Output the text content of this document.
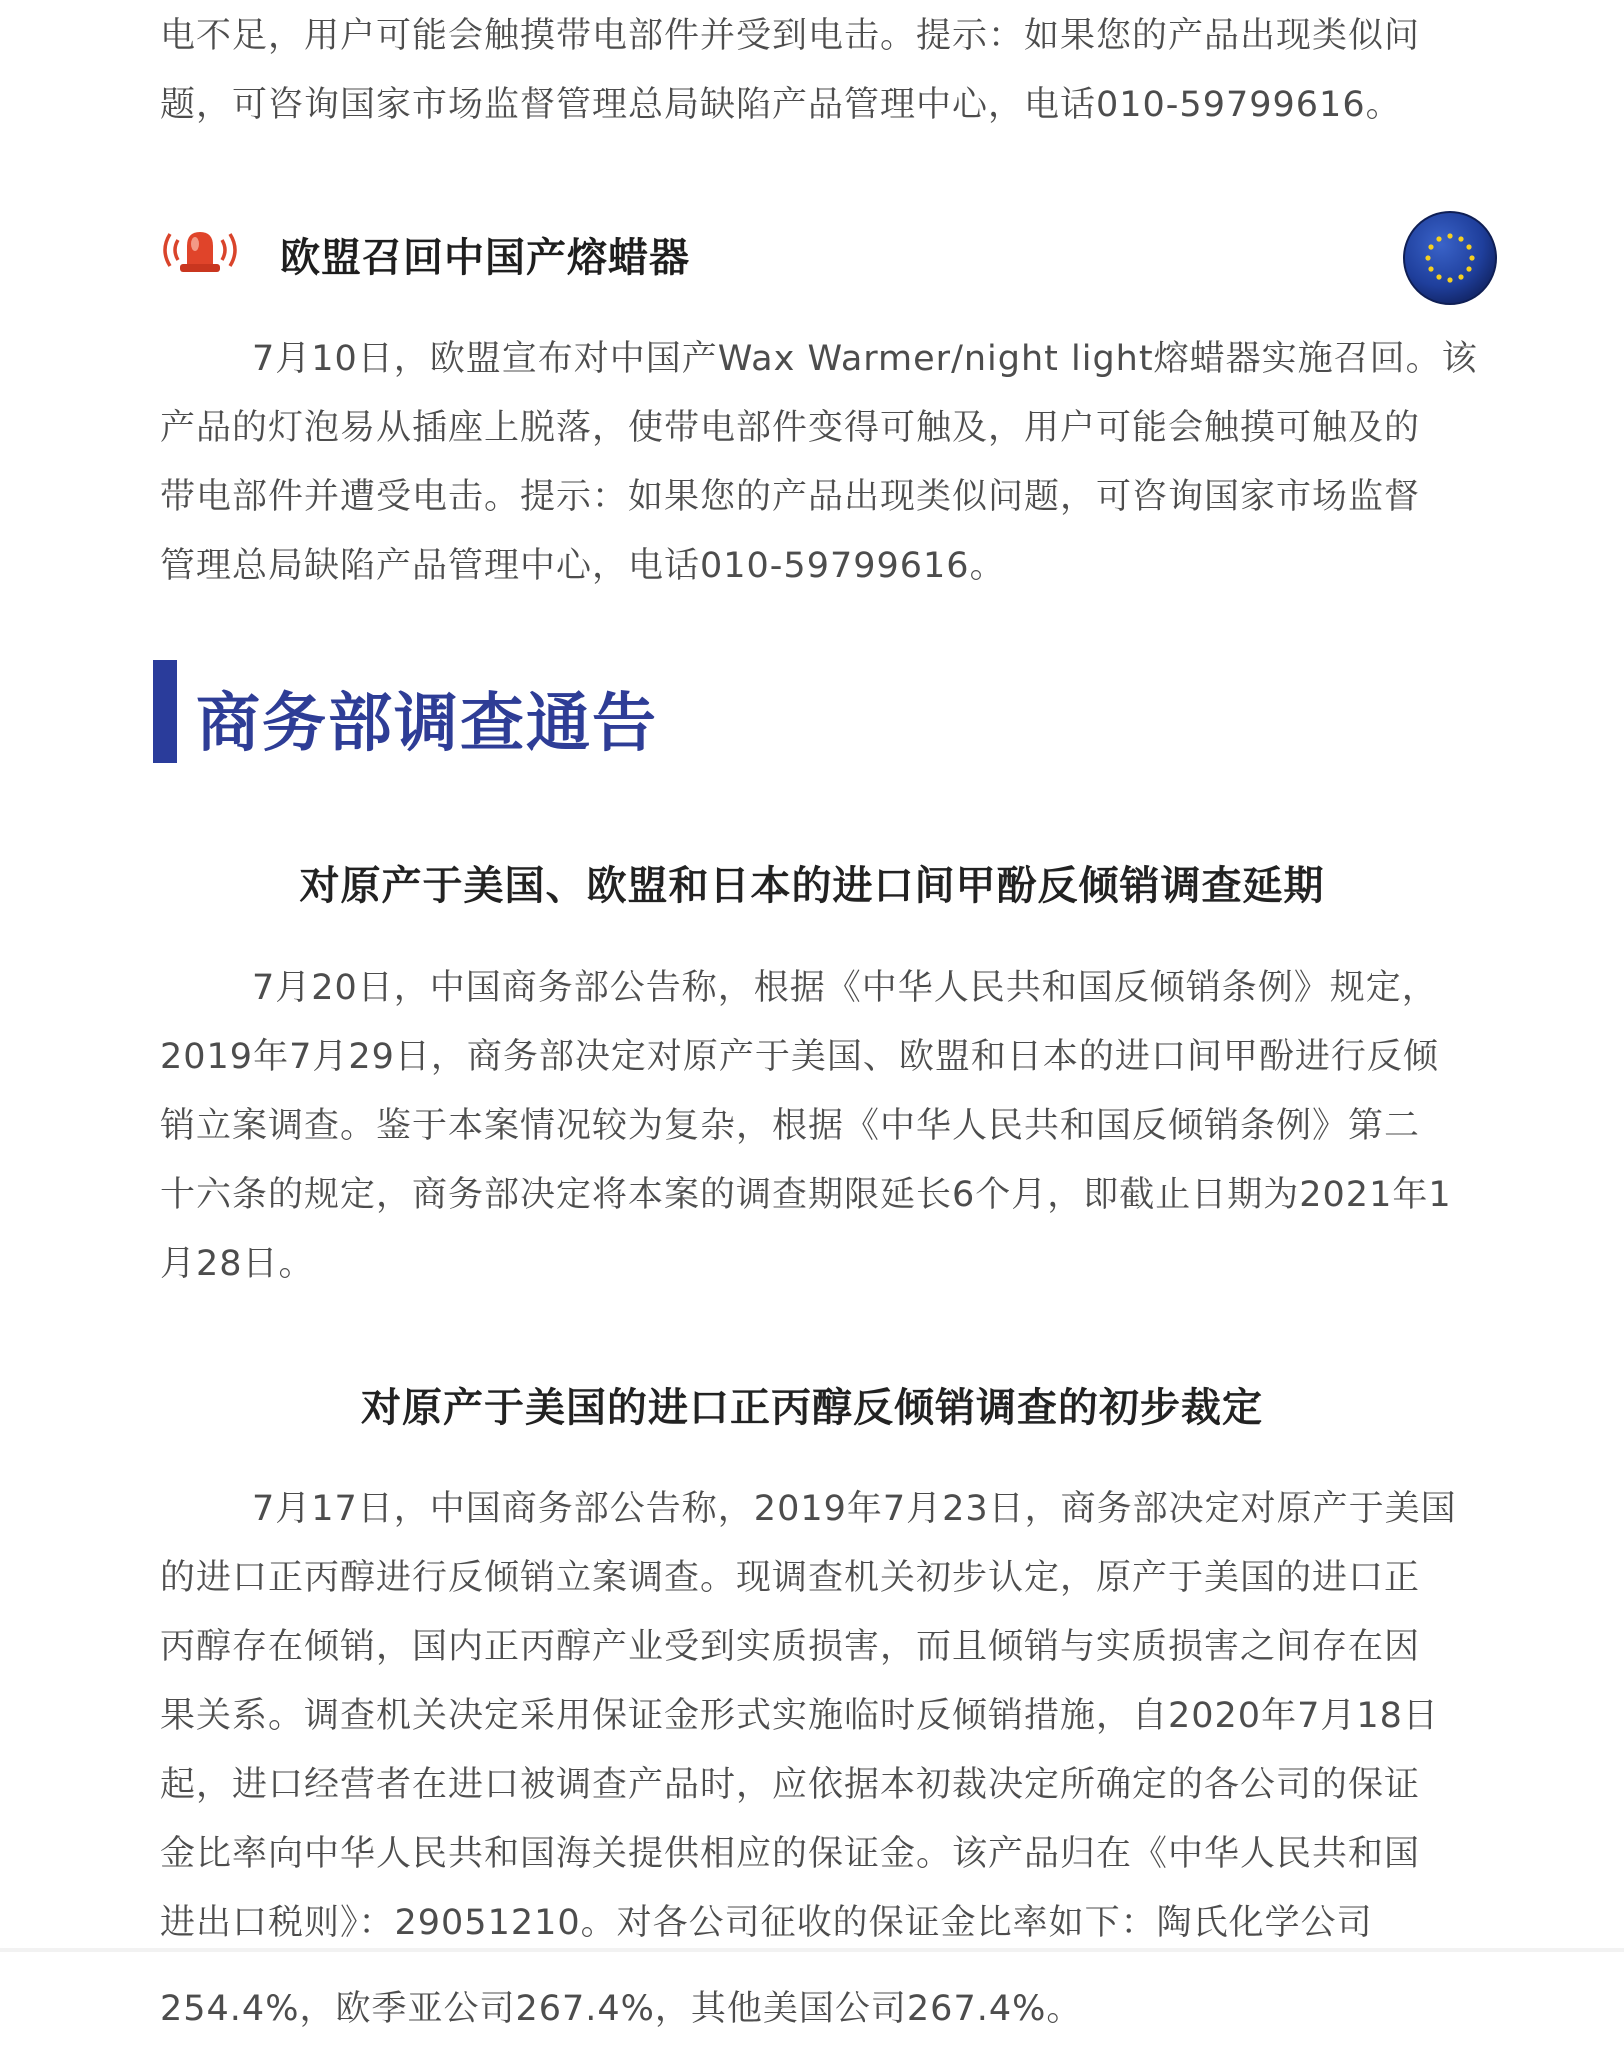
电不足，用户可能会触摸带电部件并受到电击。提示：如果您的产品出现类似问
题，可咨询国家市场监督管理总局缺陷产品管理中心，电话010-59799616。
欧盟召回中国产熔蜡器
7月10日，欧盟宣布对中国产Wax Warmer/night light熔蜡器实施召回。该
产品的灯泡易从插座上脱落，使带电部件变得可触及，用户可能会触摸可触及的
带电部件并遭受电击。提示：如果您的产品出现类似问题，可咨询国家市场监督
管理总局缺陷产品管理中心，电话010-59799616。
商务部调查通告
对原产于美国、欧盟和日本的进口间甲酚反倾销调查延期
7月20日，中国商务部公告称，根据《中华人民共和国反倾销条例》规定，
2019年7月29日，商务部决定对原产于美国、欧盟和日本的进口间甲酚进行反倾
销立案调查。鉴于本案情况较为复杂，根据《中华人民共和国反倾销条例》第二
十六条的规定，商务部决定将本案的调查期限延长6个月，即截止日期为2021年1
月28日。
对原产于美国的进口正丙醇反倾销调查的初步裁定
7月17日，中国商务部公告称，2019年7月23日，商务部决定对原产于美国
的进口正丙醇进行反倾销立案调查。现调查机关初步认定，原产于美国的进口正
丙醇存在倾销，国内正丙醇产业受到实质损害，而且倾销与实质损害之间存在因
果关系。调查机关决定采用保证金形式实施临时反倾销措施，自2020年7月18日
起，进口经营者在进口被调查产品时，应依据本初裁决定所确定的各公司的保证
金比率向中华人民共和国海关提供相应的保证金。该产品归在《中华人民共和国
进出口税则》：29051210。对各公司征收的保证金比率如下：陶氏化学公司
254.4%，欧季亚公司267.4%，其他美国公司267.4%。
